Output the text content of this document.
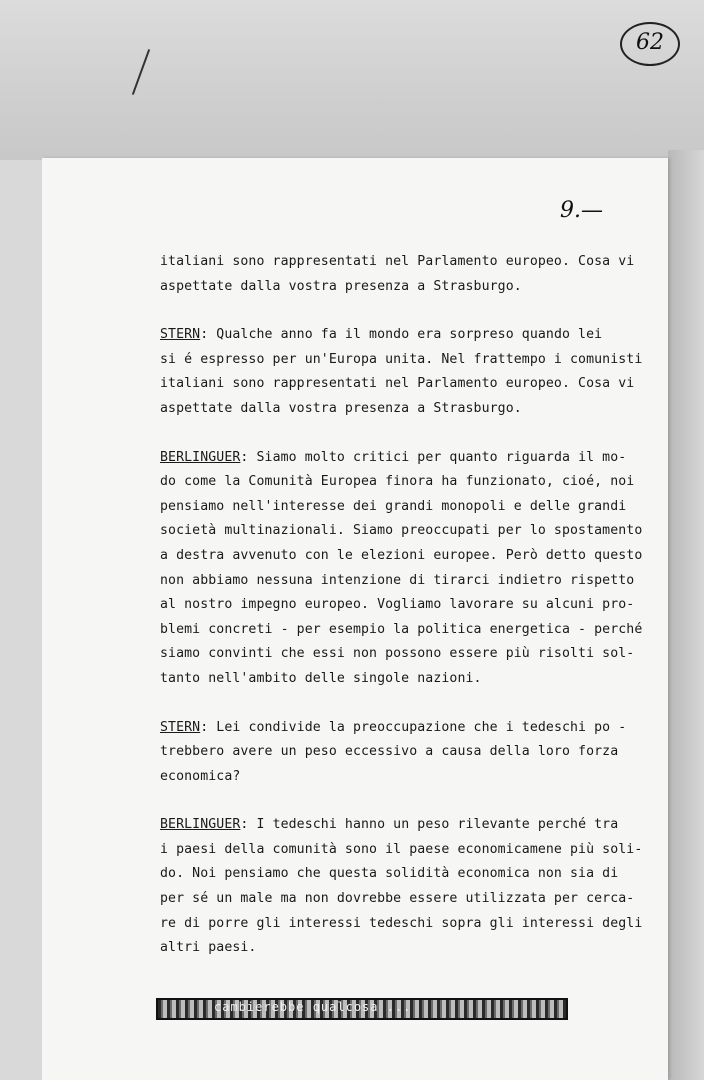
62
9.—
italiani sono rappresentati nel Parlamento europeo. Cosa vi
aspettate dalla vostra presenza a Strasburgo.
STERN: Qualche anno fa il mondo era sorpreso quando lei
si é espresso per un'Europa unita. Nel frattempo i comunisti
italiani sono rappresentati nel Parlamento europeo. Cosa vi
aspettate dalla vostra presenza a Strasburgo.
BERLINGUER: Siamo molto critici per quanto riguarda il mo-
do come la Comunità Europea finora ha funzionato, cioé, noi
pensiamo nell'interesse dei grandi monopoli e delle grandi
società multinazionali. Siamo preoccupati per lo spostamento
a destra avvenuto con le elezioni europee. Però detto questo
non abbiamo nessuna intenzione di tirarci indietro rispetto
al nostro impegno europeo. Vogliamo lavorare su alcuni pro-
blemi concreti - per esempio la politica energetica - perché
siamo convinti che essi non possono essere più risolti sol-
tanto nell'ambito delle singole nazioni.
STERN: Lei condivide la preoccupazione che i tedeschi po -
trebbero avere un peso eccessivo a causa della loro forza
economica?
BERLINGUER: I tedeschi hanno un peso rilevante perché tra
i paesi della comunità sono il paese economicamene più soli-
do. Noi pensiamo che questa solidità economica non sia di
per sé un male ma non dovrebbe essere utilizzata per cerca-
re di porre gli interessi tedeschi sopra gli interessi degli
altri paesi.
cambierebbe qualcosa ...
